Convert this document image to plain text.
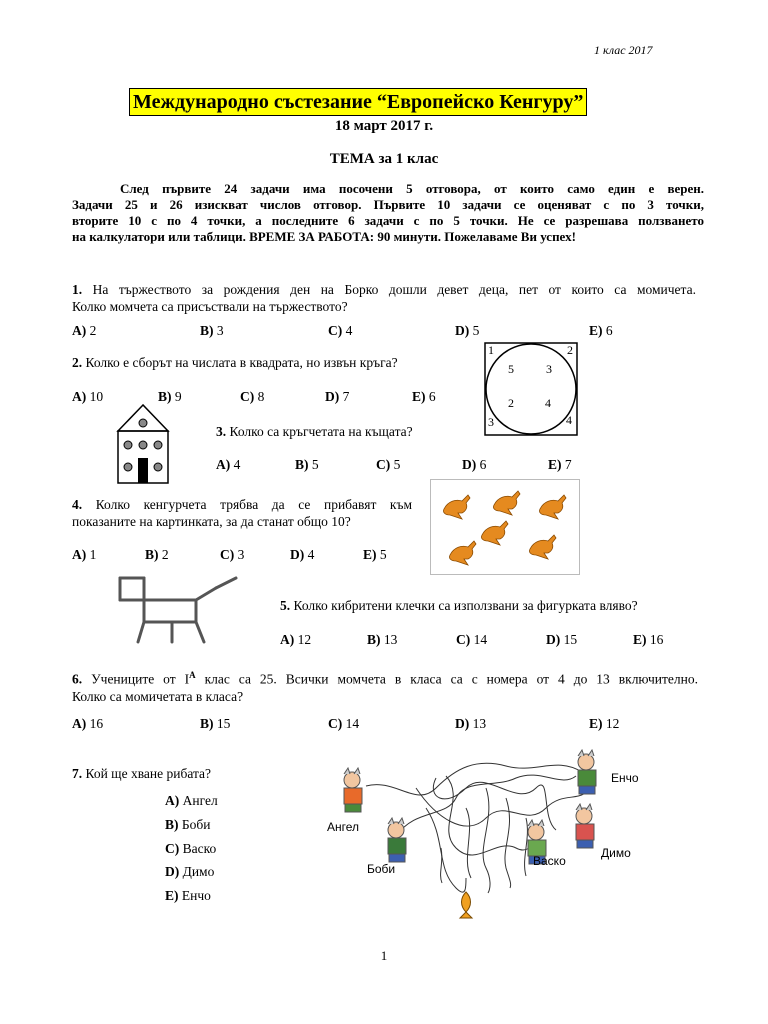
1 клас 2017
Международно състезание “Европейско Кенгуру”
18 март 2017 г.
ТЕМА за 1 клас
След първите 24 задачи има посочени 5 отговора, от които само един е верен.
Задачи 25 и 26 изискват числов отговор. Първите 10 задачи се оценяват с по 3 точки,
вторите 10 с по 4 точки, а последните 6 задачи с по 5 точки. Не се разрешава ползването
на калкулатори или таблици. ВРЕМЕ ЗА РАБОТА: 90 минути. Пожелаваме Ви успех!
1. На тържеството за рождения ден на Борко дошли девет деца, пет от които са момичета.
Колко момчета са присъствали на тържеството?
A) 2	B) 3	C) 4	D) 5	E) 6
2. Колко е сборът на числата в квадрата, но извън кръга?
A) 10	B) 9	C) 8	D) 7	E) 6
1	2
3	4
5	3
2	4
3. Колко са кръгчетата на къщата?
A) 4	B) 5	C) 5	D) 6	E) 7
4. Колко кенгурчета трябва да се прибавят към
показаните на картинката, за да станат общо 10?
A) 1	B) 2	C) 3	D) 4	E) 5
5. Колко кибритени клечки са използвани за фигурката вляво?
A) 12	B) 13	C) 14	D) 15	E) 16
6. Учениците от $I^А$ клас са 25. Всички момчета в класа са с номера от 4 до 13 включително.
Колко са момичетата в класа?
A) 16	B) 15	C) 14	D) 13	E) 12
7. Кой ще хване рибата?
A) Ангел
B) Боби
C) Васко
D) Димо
E) Енчо
Ангел
Боби
Васко
Димо
Енчо
1
